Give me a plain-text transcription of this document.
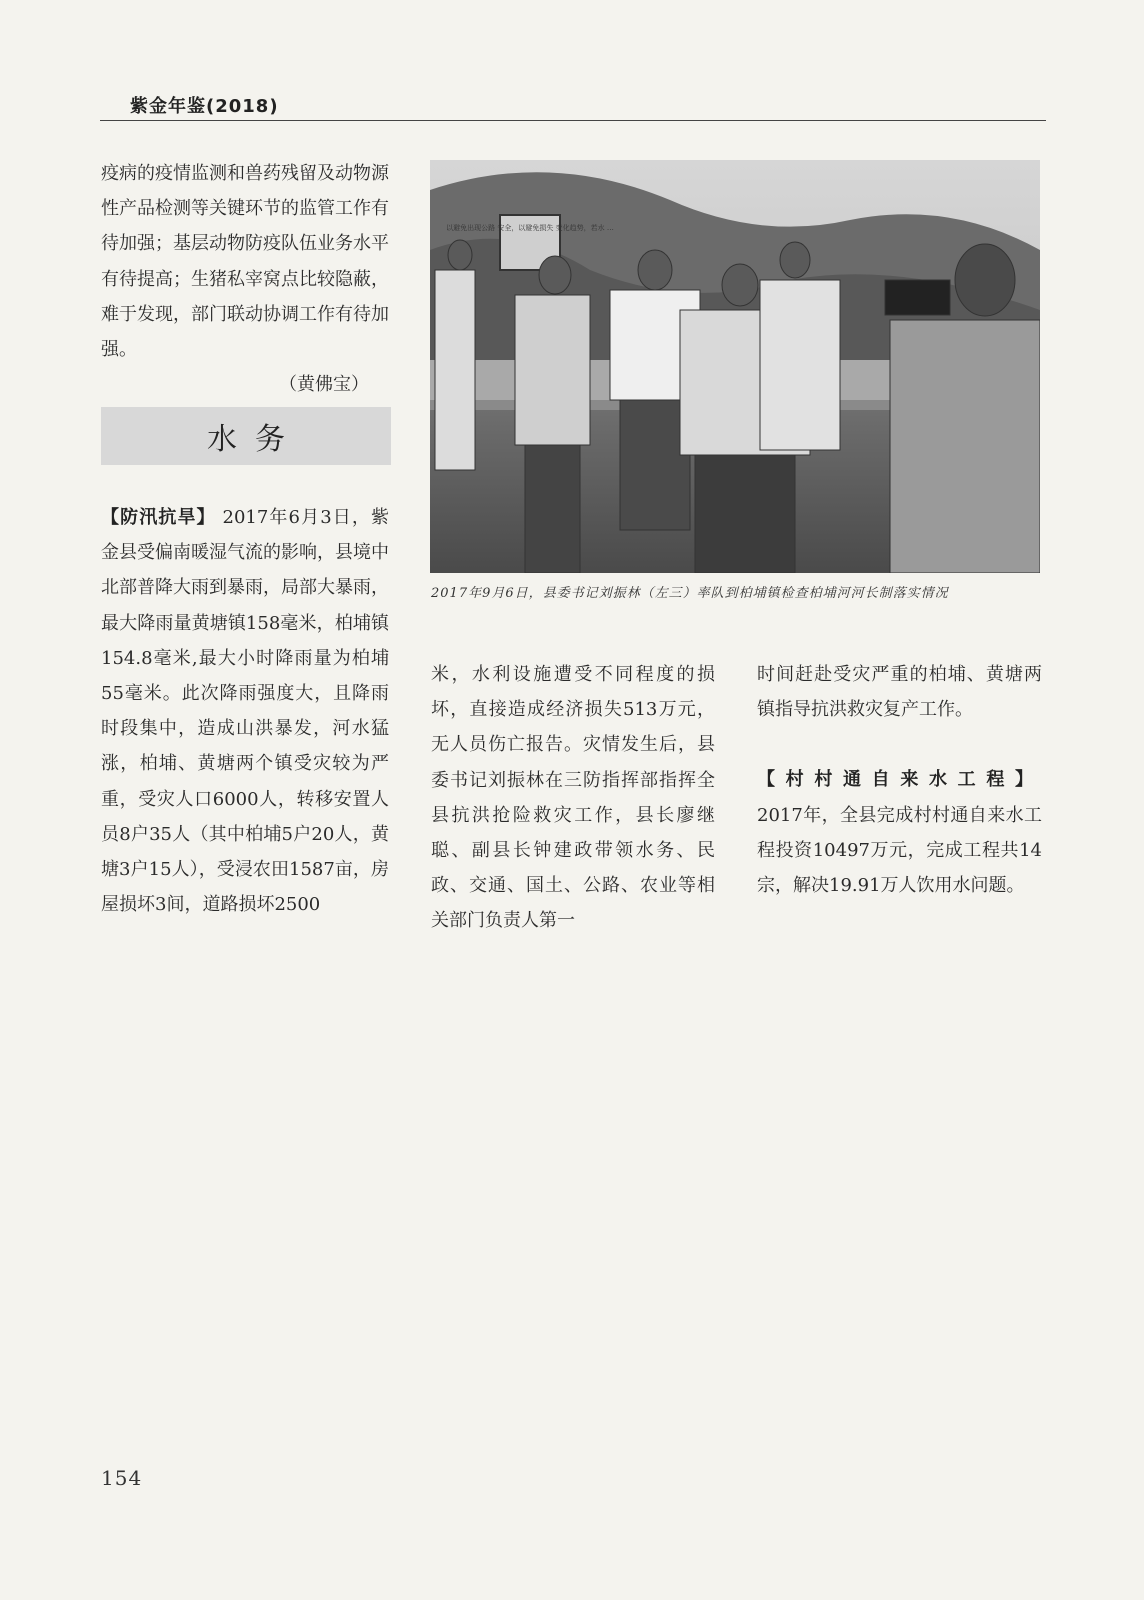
紫金年鉴(2018)

疫病的疫情监测和兽药残留及动物源性产品检测等关键环节的监管工作有待加强；基层动物防疫队伍业务水平有待提高；生猪私宰窝点比较隐蔽，难于发现，部门联动协调工作有待加强。

（黄佛宝）

水务

【防汛抗旱】 2017年6月3日，紫金县受偏南暖湿气流的影响，县境中北部普降大雨到暴雨，局部大暴雨，最大降雨量黄塘镇158毫米，柏埔镇154.8毫米,最大小时降雨量为柏埔55毫米。此次降雨强度大，且降雨时段集中，造成山洪暴发，河水猛涨，柏埔、黄塘两个镇受灾较为严重，受灾人口6000人，转移安置人员8户35人（其中柏埔5户20人，黄塘3户15人），受浸农田1587亩，房屋损坏3间，道路损坏2500

以避免出现公路 安全，以避免损失 变化趋势，若水 …
2017年9月6日，县委书记刘振林（左三）率队到柏埔镇检查柏埔河河长制落实情况

米，水利设施遭受不同程度的损坏，直接造成经济损失513万元，无人员伤亡报告。灾情发生后，县委书记刘振林在三防指挥部指挥全县抗洪抢险救灾工作，县长廖继聪、副县长钟建政带领水务、民政、交通、国土、公路、农业等相关部门负责人第一

时间赶赴受灾严重的柏埔、黄塘两镇指导抗洪救灾复产工作。

【村村通自来水工程】2017年，全县完成村村通自来水工程投资10497万元，完成工程共14宗，解决19.91万人饮用水问题。

154
